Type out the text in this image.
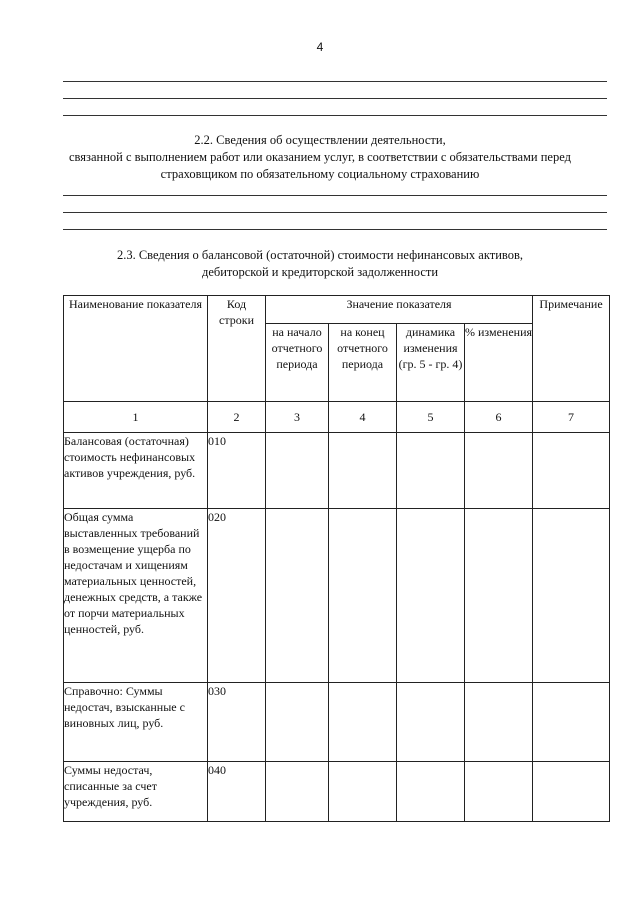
4
2.2. Сведения об осуществлении деятельности,
связанной с выполнением работ или оказанием услуг, в соответствии с обязательствами перед
страховщиком по обязательному социальному страхованию
2.3. Сведения о балансовой (остаточной) стоимости нефинансовых активов,
дебиторской и кредиторской задолженности
Наименование показателя	Код строки	Значение показателя				Примечание
		на начало отчетного периода	на конец отчетного периода	динамика изменения (гр. 5 - гр. 4)	% изменения	
1	2	3	4	5	6	7
Балансовая (остаточная) стоимость нефинансовых активов учреждения, руб.	010					
Общая сумма выставленных требований в возмещение ущерба по недостачам и хищениям материальных ценностей, денежных средств, а также от порчи материальных ценностей, руб.	020					
Справочно: Суммы недостач, взысканные с виновных лиц, руб.	030					
Суммы недостач, списанные за счет учреждения, руб.	040					
